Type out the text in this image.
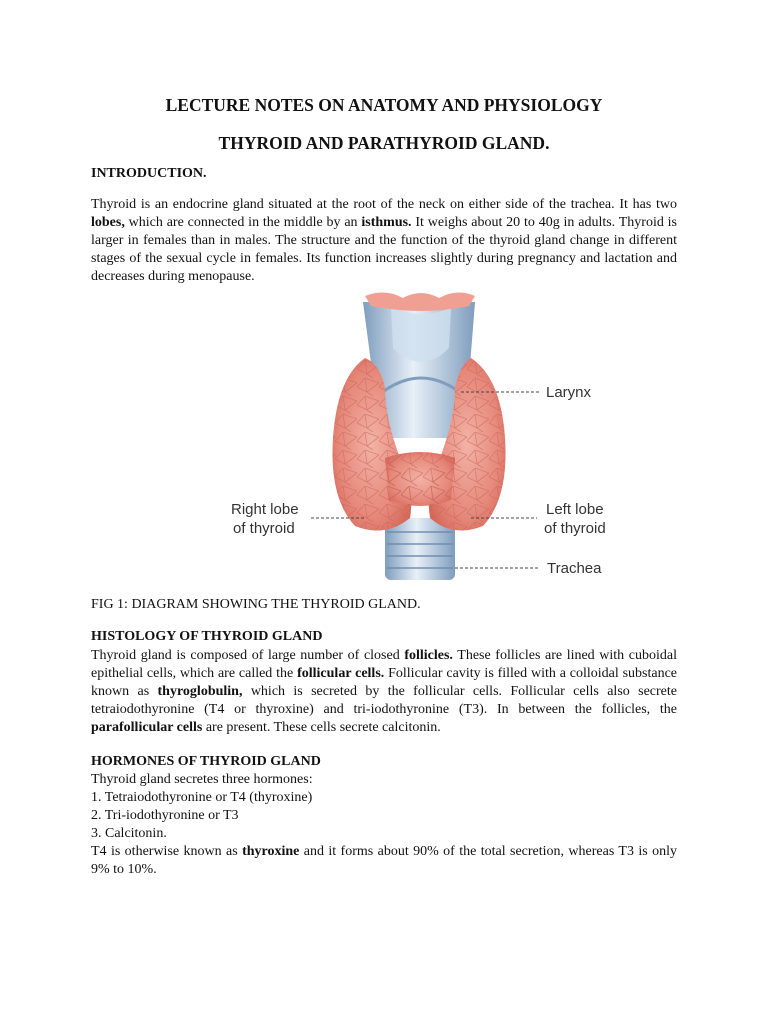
LECTURE NOTES ON ANATOMY AND PHYSIOLOGY
THYROID AND PARATHYROID GLAND.
INTRODUCTION.
Thyroid is an endocrine gland situated at the root of the neck on either side of the trachea. It has two lobes, which are connected in the middle by an isthmus. It weighs about 20 to 40g in adults. Thyroid is larger in females than in males. The structure and the function of the thyroid gland change in different stages of the sexual cycle in females. Its function increases slightly during pregnancy and lactation and decreases during menopause.
Larynx
Right lobe
of thyroid
Left lobe
of thyroid
Trachea
FIG 1: DIAGRAM SHOWING THE THYROID GLAND.
HISTOLOGY OF THYROID GLAND
Thyroid gland is composed of large number of closed follicles. These follicles are lined with cuboidal epithelial cells, which are called the follicular cells. Follicular cavity is filled with a colloidal substance known as thyroglobulin, which is secreted by the follicular cells. Follicular cells also secrete tetraiodothyronine (T4 or thyroxine) and tri-iodothyronine (T3). In between the follicles, the parafollicular cells are present. These cells secrete calcitonin.
HORMONES OF THYROID GLAND
Thyroid gland secretes three hormones:
1. Tetraiodothyronine or T4 (thyroxine)
2. Tri-iodothyronine or T3
3. Calcitonin.
T4 is otherwise known as thyroxine and it forms about 90% of the total secretion, whereas T3 is only 9% to 10%.
